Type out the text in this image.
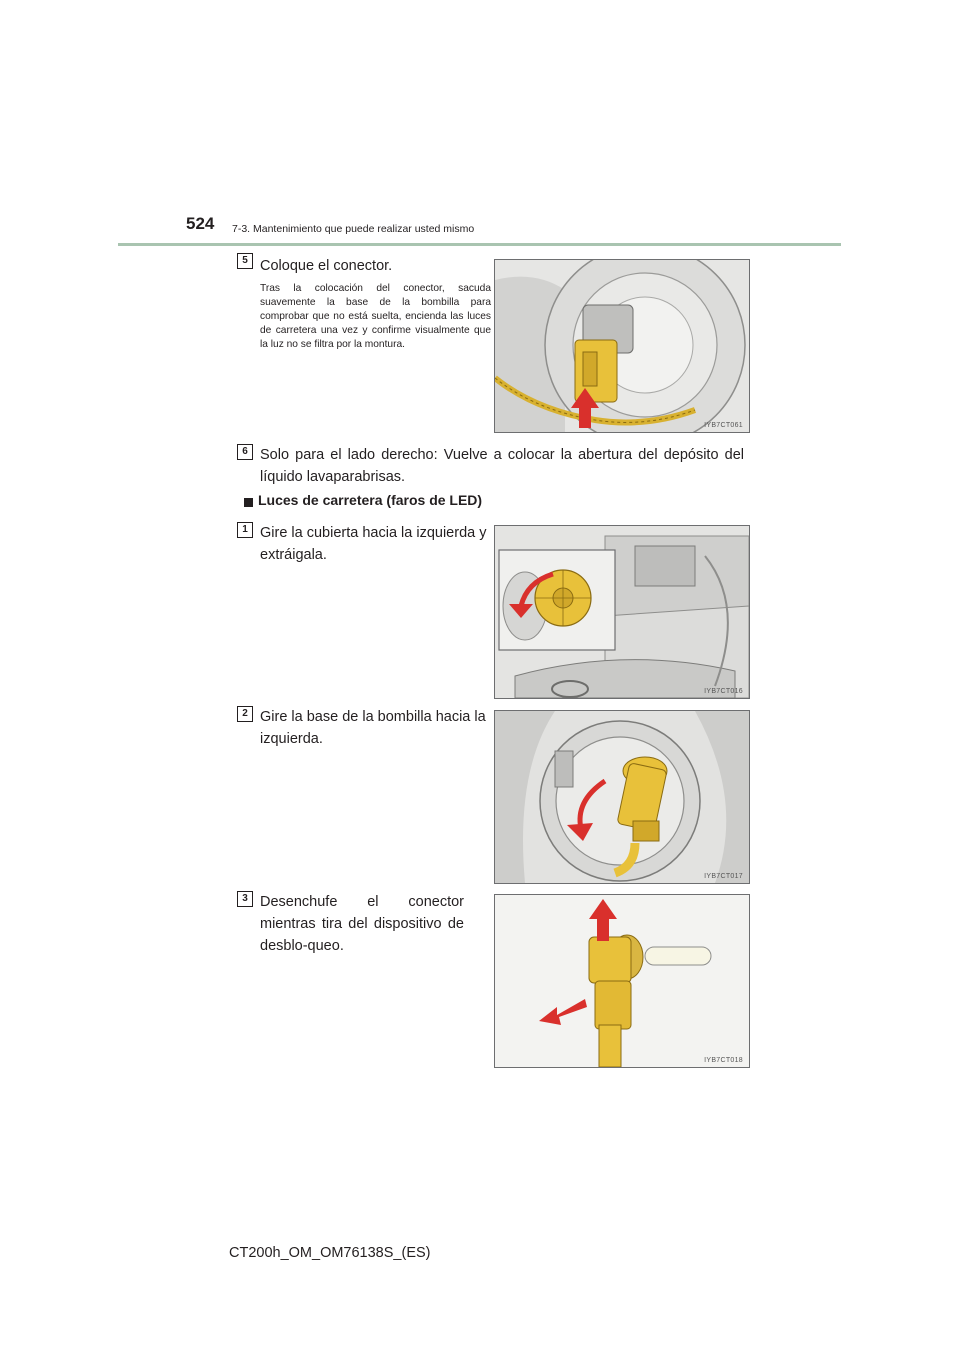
524 7-3. Mantenimiento que puede realizar usted mismo
5 Coloque el conector.
Tras la colocación del conector, sacuda suavemente la base de la bombilla para comprobar que no está suelta, encienda las luces de carretera una vez y confirme visualmente que la luz no se filtra por la montura.
IYB7CT061
6 Solo para el lado derecho: Vuelve a colocar la abertura del depósito del líquido lavaparabrisas.
Luces de carretera (faros de LED)
1 Gire la cubierta hacia la izquierda y extráigala.
IYB7CT016
2 Gire la base de la bombilla hacia la izquierda.
IYB7CT017
3 Desenchufe el conector mientras tira del dispositivo de desblo-queo.
IYB7CT018
CT200h_OM_OM76138S_(ES)
